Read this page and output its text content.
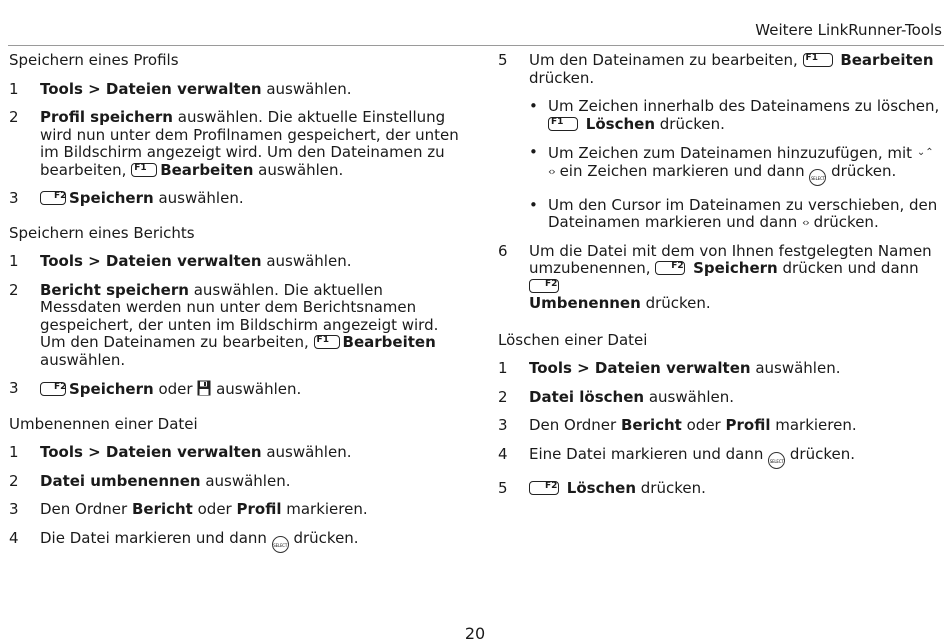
Weitere LinkRunner-Tools

Speichern eines Profils

1	Tools > Dateien verwalten auswählen.
2	Profil speichern auswählen. Die aktuelle Einstellung wird nun unter dem Profilnamen gespeichert, der unten im Bildschirm angezeigt wird. Um den Dateinamen zu bearbeiten, F1 Bearbeiten auswählen.
3	F2 Speichern auswählen.

Speichern eines Berichts

1	Tools > Dateien verwalten auswählen.
2	Bericht speichern auswählen. Die aktuellen Messdaten werden nun unter dem Berichtsnamen gespeichert, der unten im Bildschirm angezeigt wird. Um den Dateinamen zu bearbeiten, F1 Bearbeiten auswählen.
3	F2 Speichern oder  auswählen.

Umbenennen einer Datei

1	Tools > Dateien verwalten auswählen.
2	Datei umbenennen auswählen.
3	Den Ordner Bericht oder Profil markieren.
4	Die Datei markieren und dann SELECT drücken.
5	Um den Dateinamen zu bearbeiten, F1 Bearbeiten drücken.
• Um Zeichen innerhalb des Dateinamens zu löschen,
F1 Löschen drücken.
• Um Zeichen zum Dateinamen hinzuzufügen, mit ⌄⌃
‹› ein Zeichen markieren und dann SELECT drücken.
• Um den Cursor im Dateinamen zu verschieben, den Dateinamen markieren und dann ‹› drücken.
6	Um die Datei mit dem von Ihnen festgelegten Namen umzubenennen, F2 Speichern drücken und dann
F2

Umbenennen drücken.

Löschen einer Datei

1	Tools > Dateien verwalten auswählen.
2	Datei löschen auswählen.
3	Den Ordner Bericht oder Profil markieren.
4	Eine Datei markieren und dann SELECT drücken.
5	F2 Löschen drücken.
20
